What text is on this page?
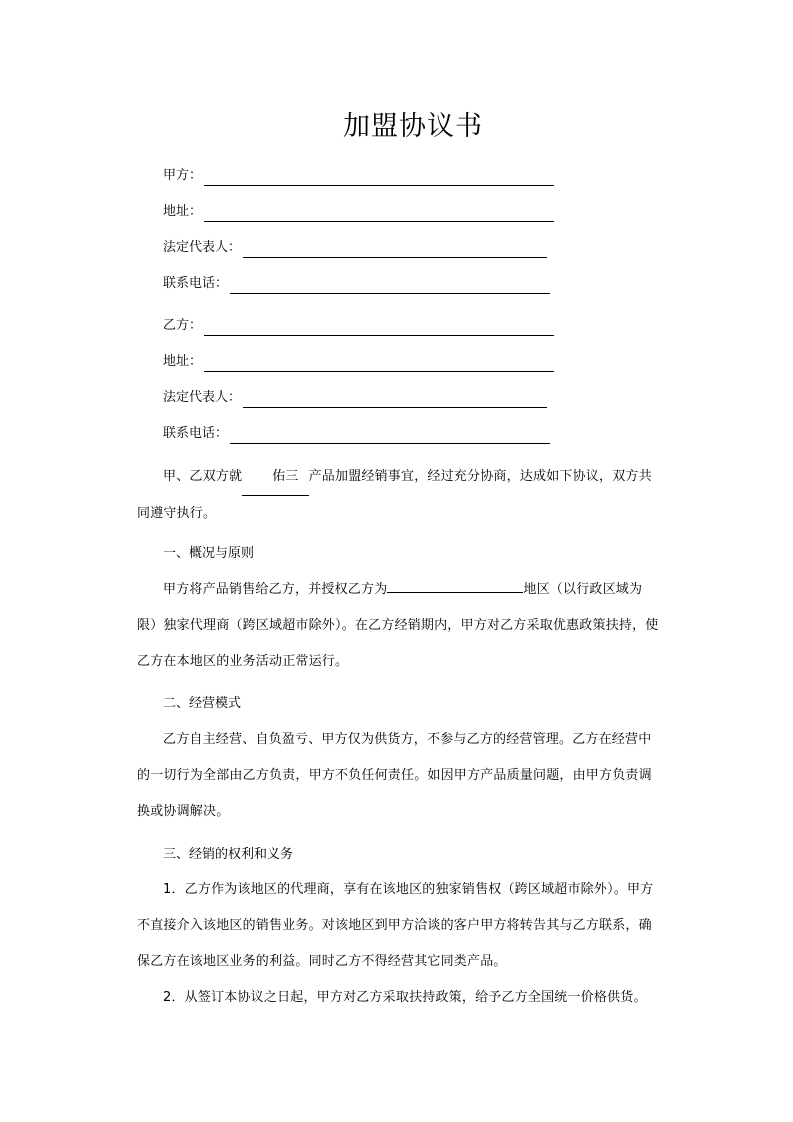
加盟协议书
甲方：
地址：
法定代表人：
联系电话：
乙方：
地址：
法定代表人：
联系电话：
甲、乙双方就 佑三 产品加盟经销事宜，经过充分协商，达成如下协议，双方共同遵守执行。
一、概况与原则
甲方将产品销售给乙方，并授权乙方为	地区（以行政区域为限）独家代理商（跨区域超市除外）。在乙方经销期内，甲方对乙方采取优惠政策扶持，使乙方在本地区的业务活动正常运行。
二、经营模式
乙方自主经营、自负盈亏、甲方仅为供货方，不参与乙方的经营管理。乙方在经营中的一切行为全部由乙方负责，甲方不负任何责任。如因甲方产品质量问题，由甲方负责调换或协调解决。
三、经销的权利和义务
1．乙方作为该地区的代理商，享有在该地区的独家销售权（跨区域超市除外）。甲方不直接介入该地区的销售业务。对该地区到甲方洽谈的客户甲方将转告其与乙方联系，确保乙方在该地区业务的利益。同时乙方不得经营其它同类产品。
2．从签订本协议之日起，甲方对乙方采取扶持政策，给予乙方全国统一价格供货。
